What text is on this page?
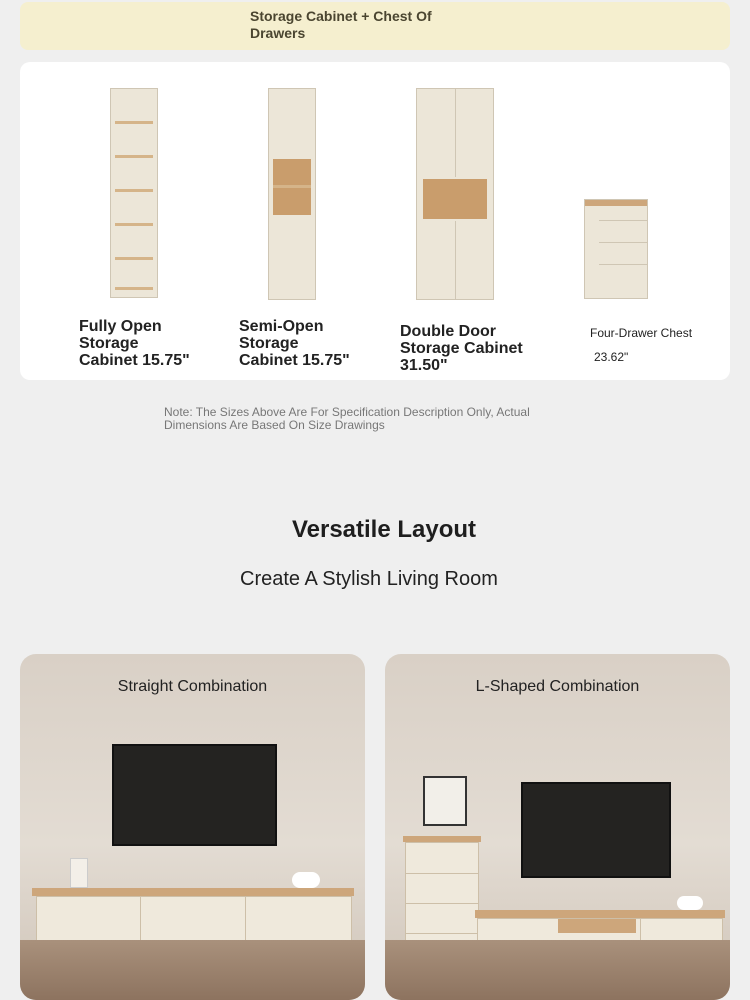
Storage Cabinet + Chest Of Drawers
Fully Open Storage Cabinet 15.75"
Semi-Open Storage Cabinet 15.75"
Double Door Storage Cabinet 31.50"
Four-Drawer Chest
23.62"
Note: The Sizes Above Are For Specification Description Only, Actual Dimensions Are Based On Size Drawings
Versatile Layout
Create A Stylish Living Room
Straight Combination	L-Shaped Combination
